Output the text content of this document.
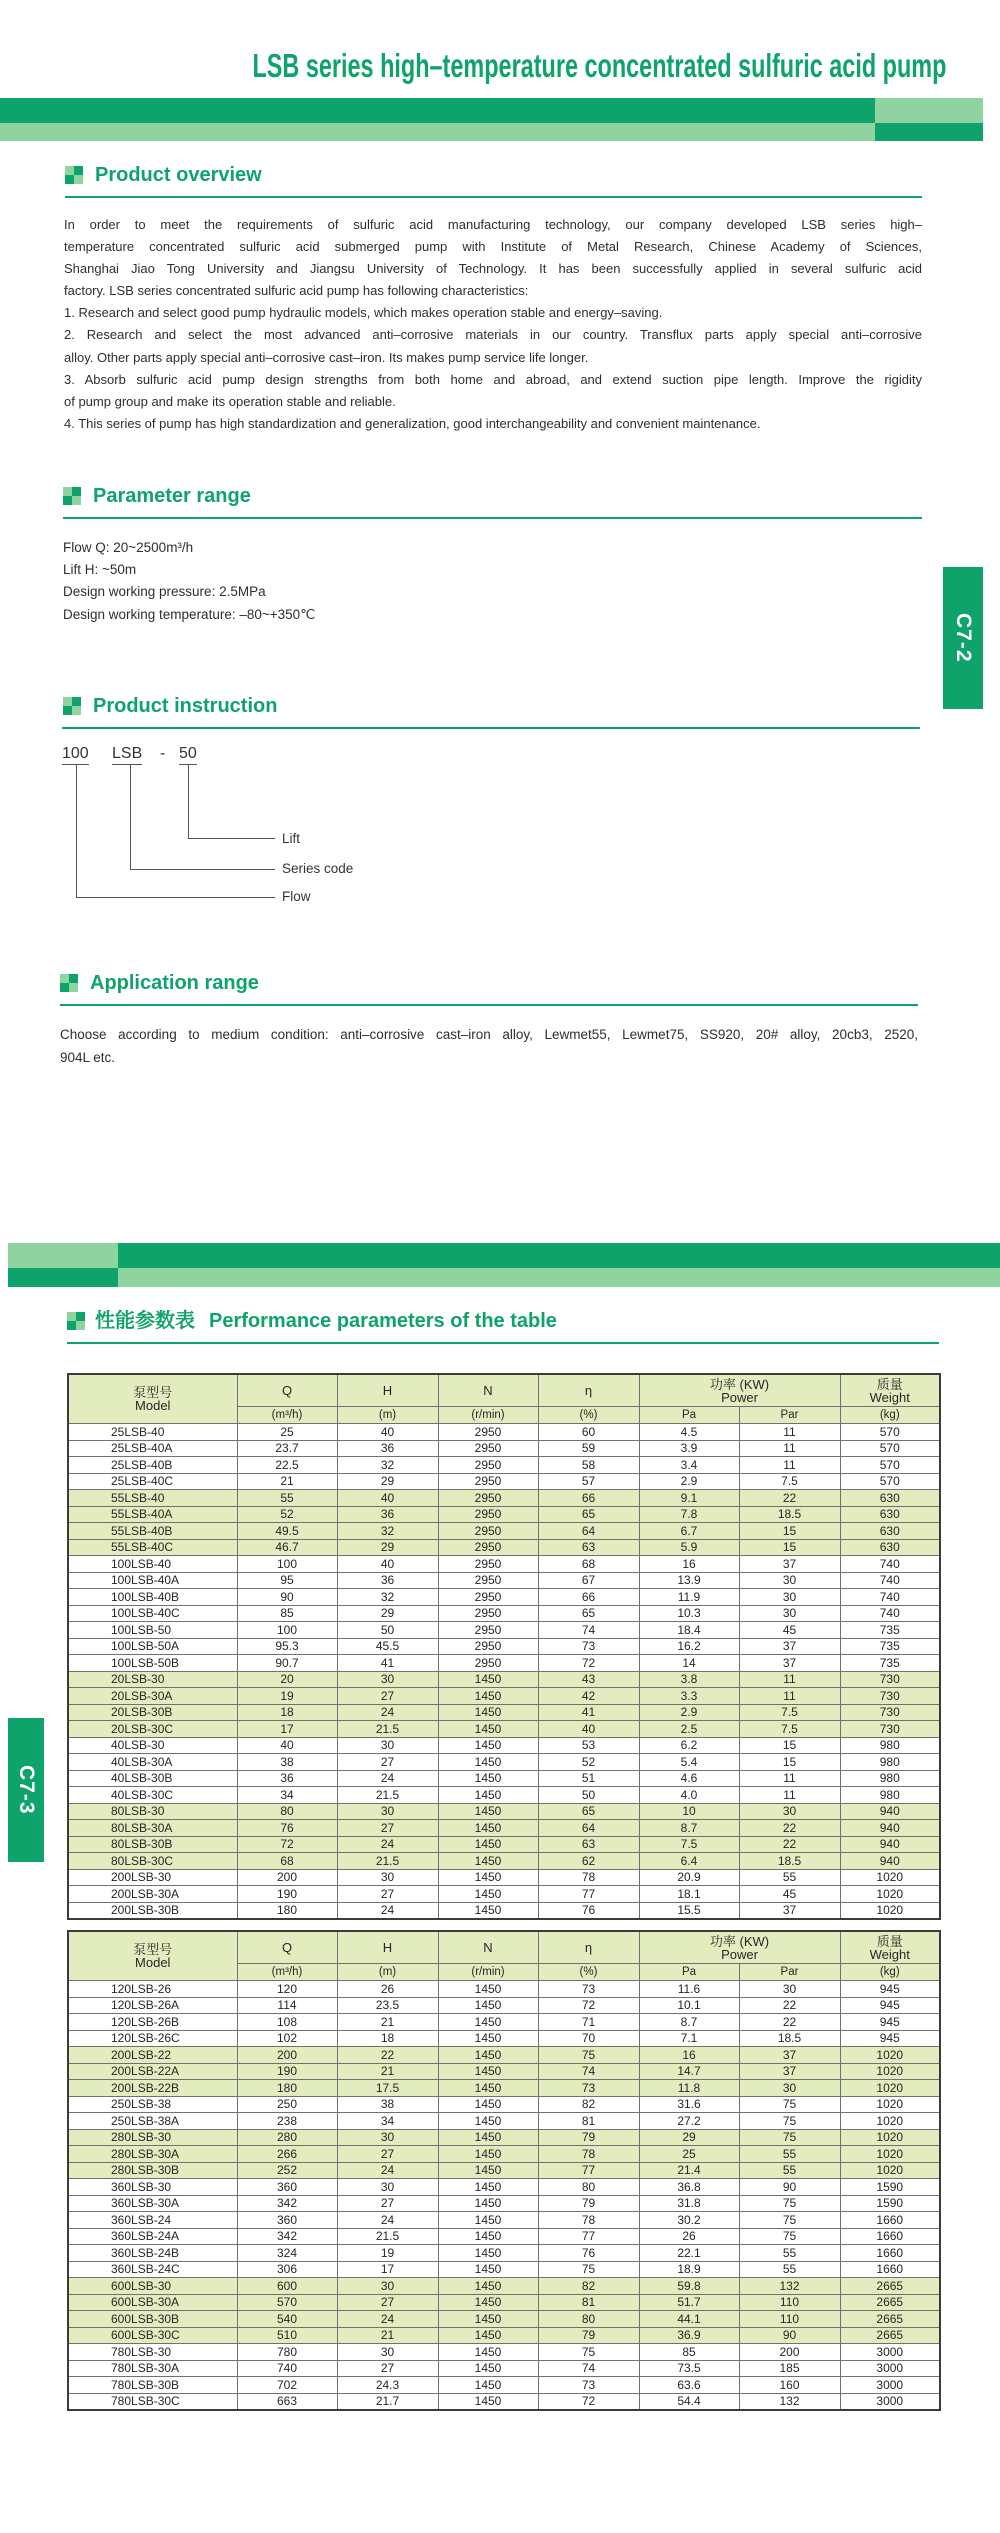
LSB series high–temperature concentrated sulfuric acid pump
Product overview
In order to meet the requirements of sulfuric acid manufacturing technology, our company developed LSB series high–
temperature concentrated sulfuric acid submerged pump with Institute of Metal Research, Chinese Academy of Sciences,
Shanghai Jiao Tong University and Jiangsu University of Technology. It has been successfully applied in several sulfuric acid
factory. LSB series concentrated sulfuric acid pump has following characteristics:
1. Research and select good pump hydraulic models, which makes operation stable and energy–saving.
2. Research and select the most advanced anti–corrosive materials in our country. Transflux parts apply special anti–corrosive
alloy. Other parts apply special anti–corrosive cast–iron. Its makes pump service life longer.
3. Absorb sulfuric acid pump design strengths from both home and abroad, and extend suction pipe length. Improve the rigidity
of pump group and make its operation stable and reliable.
4. This series of pump has high standardization and generalization, good interchangeability and convenient maintenance.
Parameter range
Flow Q: 20~2500m³/h
Lift H: ~50m
Design working pressure: 2.5MPa
Design working temperature: –80~+350℃	C7-2
Product instruction
100 LSB - 50
Lift
Series code
Flow
Application range
Choose according to medium condition: anti–corrosive cast–iron alloy, Lewmet55, Lewmet75, SS920, 20# alloy, 20cb3, 2520,
904L etc.
性能参数表 Performance parameters of the table
C7-3
泵型号
Model	Q	H	N	η	功率 (KW)
Power		质量
Weight
	(m³/h)	(m)	(r/min)	(%)	Pa	Par	(kg)
25LSB-40	25	40	2950	60	4.5	11	570
25LSB-40A	23.7	36	2950	59	3.9	11	570
25LSB-40B	22.5	32	2950	58	3.4	11	570
25LSB-40C	21	29	2950	57	2.9	7.5	570
55LSB-40	55	40	2950	66	9.1	22	630
55LSB-40A	52	36	2950	65	7.8	18.5	630
55LSB-40B	49.5	32	2950	64	6.7	15	630
55LSB-40C	46.7	29	2950	63	5.9	15	630
100LSB-40	100	40	2950	68	16	37	740
100LSB-40A	95	36	2950	67	13.9	30	740
100LSB-40B	90	32	2950	66	11.9	30	740
100LSB-40C	85	29	2950	65	10.3	30	740
100LSB-50	100	50	2950	74	18.4	45	735
100LSB-50A	95.3	45.5	2950	73	16.2	37	735
100LSB-50B	90.7	41	2950	72	14	37	735
20LSB-30	20	30	1450	43	3.8	11	730
20LSB-30A	19	27	1450	42	3.3	11	730
20LSB-30B	18	24	1450	41	2.9	7.5	730
20LSB-30C	17	21.5	1450	40	2.5	7.5	730
40LSB-30	40	30	1450	53	6.2	15	980
40LSB-30A	38	27	1450	52	5.4	15	980
40LSB-30B	36	24	1450	51	4.6	11	980
40LSB-30C	34	21.5	1450	50	4.0	11	980
80LSB-30	80	30	1450	65	10	30	940
80LSB-30A	76	27	1450	64	8.7	22	940
80LSB-30B	72	24	1450	63	7.5	22	940
80LSB-30C	68	21.5	1450	62	6.4	18.5	940
200LSB-30	200	30	1450	78	20.9	55	1020
200LSB-30A	190	27	1450	77	18.1	45	1020
200LSB-30B	180	24	1450	76	15.5	37	1020
泵型号
Model	Q	H	N	η	功率 (KW)
Power		质量
Weight
	(m³/h)	(m)	(r/min)	(%)	Pa	Par	(kg)
120LSB-26	120	26	1450	73	11.6	30	945
120LSB-26A	114	23.5	1450	72	10.1	22	945
120LSB-26B	108	21	1450	71	8.7	22	945
120LSB-26C	102	18	1450	70	7.1	18.5	945
200LSB-22	200	22	1450	75	16	37	1020
200LSB-22A	190	21	1450	74	14.7	37	1020
200LSB-22B	180	17.5	1450	73	11.8	30	1020
250LSB-38	250	38	1450	82	31.6	75	1020
250LSB-38A	238	34	1450	81	27.2	75	1020
280LSB-30	280	30	1450	79	29	75	1020
280LSB-30A	266	27	1450	78	25	55	1020
280LSB-30B	252	24	1450	77	21.4	55	1020
360LSB-30	360	30	1450	80	36.8	90	1590
360LSB-30A	342	27	1450	79	31.8	75	1590
360LSB-24	360	24	1450	78	30.2	75	1660
360LSB-24A	342	21.5	1450	77	26	75	1660
360LSB-24B	324	19	1450	76	22.1	55	1660
360LSB-24C	306	17	1450	75	18.9	55	1660
600LSB-30	600	30	1450	82	59.8	132	2665
600LSB-30A	570	27	1450	81	51.7	110	2665
600LSB-30B	540	24	1450	80	44.1	110	2665
600LSB-30C	510	21	1450	79	36.9	90	2665
780LSB-30	780	30	1450	75	85	200	3000
780LSB-30A	740	27	1450	74	73.5	185	3000
780LSB-30B	702	24.3	1450	73	63.6	160	3000
780LSB-30C	663	21.7	1450	72	54.4	132	3000
